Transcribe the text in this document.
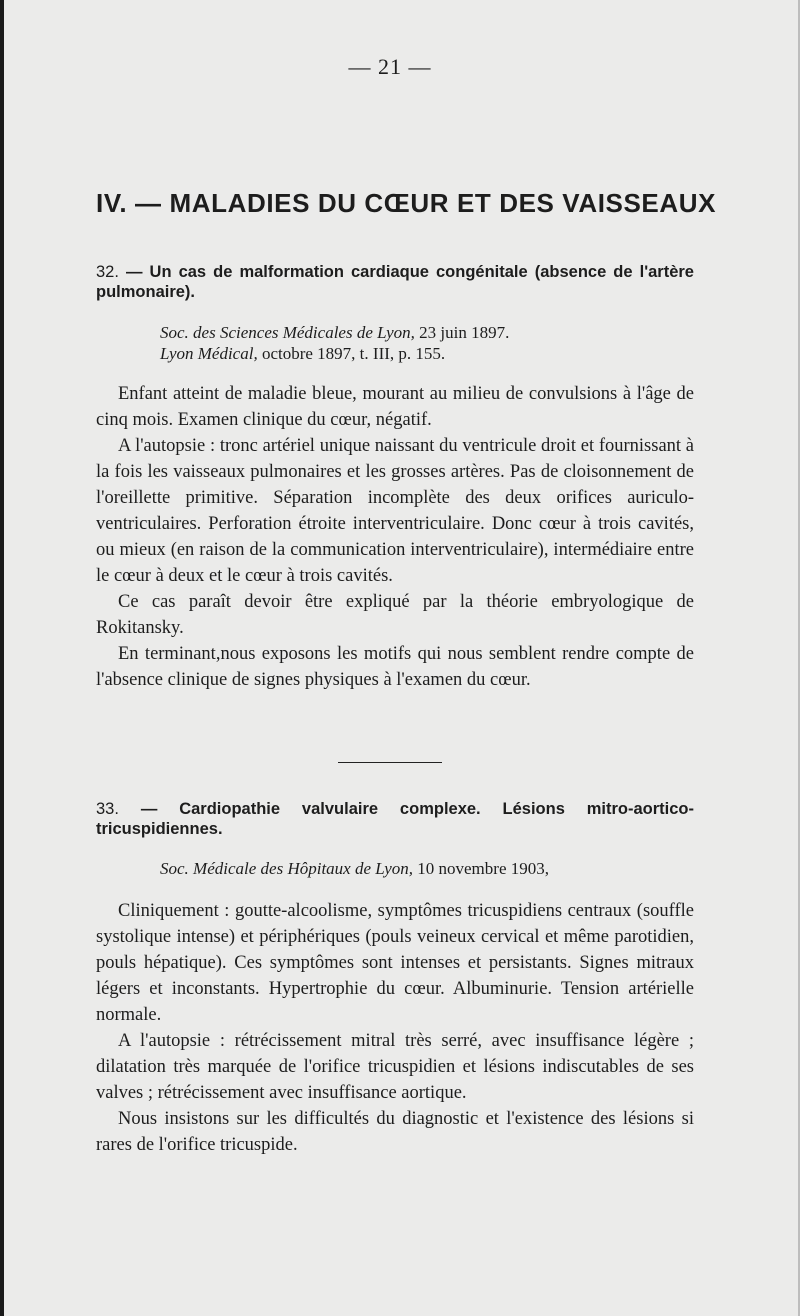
— 21 —
IV. — MALADIES DU CŒUR ET DES VAISSEAUX

32. — Un cas de malformation cardiaque congénitale (absence de l'artère pulmonaire).

Soc. des Sciences Médicales de Lyon, 23 juin 1897.

Lyon Médical, octobre 1897, t. III, p. 155.

Enfant atteint de maladie bleue, mourant au milieu de convulsions à l'âge de cinq mois. Examen clinique du cœur, négatif.

A l'autopsie : tronc artériel unique naissant du ventricule droit et fournissant à la fois les vaisseaux pulmonaires et les grosses artères. Pas de cloisonnement de l'oreillette primitive. Séparation incomplète des deux orifices auriculo-ventriculaires. Perforation étroite interventriculaire. Donc cœur à trois cavités, ou mieux (en raison de la communication interventriculaire), intermédiaire entre le cœur à deux et le cœur à trois cavités.

Ce cas paraît devoir être expliqué par la théorie embryologique de Rokitansky.

En terminant,nous exposons les motifs qui nous semblent rendre compte de l'absence clinique de signes physiques à l'examen du cœur.

33. — Cardiopathie valvulaire complexe. Lésions mitro-aortico-tricuspidiennes.

Soc. Médicale des Hôpitaux de Lyon, 10 novembre 1903,

Cliniquement : goutte-alcoolisme, symptômes tricuspidiens centraux (souffle systolique intense) et périphériques (pouls veineux cervical et même parotidien, pouls hépatique). Ces symptômes sont intenses et persistants. Signes mitraux légers et inconstants. Hypertrophie du cœur. Albuminurie. Tension artérielle normale.

A l'autopsie : rétrécissement mitral très serré, avec insuffisance légère ; dilatation très marquée de l'orifice tricuspidien et lésions indiscutables de ses valves ; rétrécissement avec insuffisance aortique.

Nous insistons sur les difficultés du diagnostic et l'existence des lésions si rares de l'orifice tricuspide.
